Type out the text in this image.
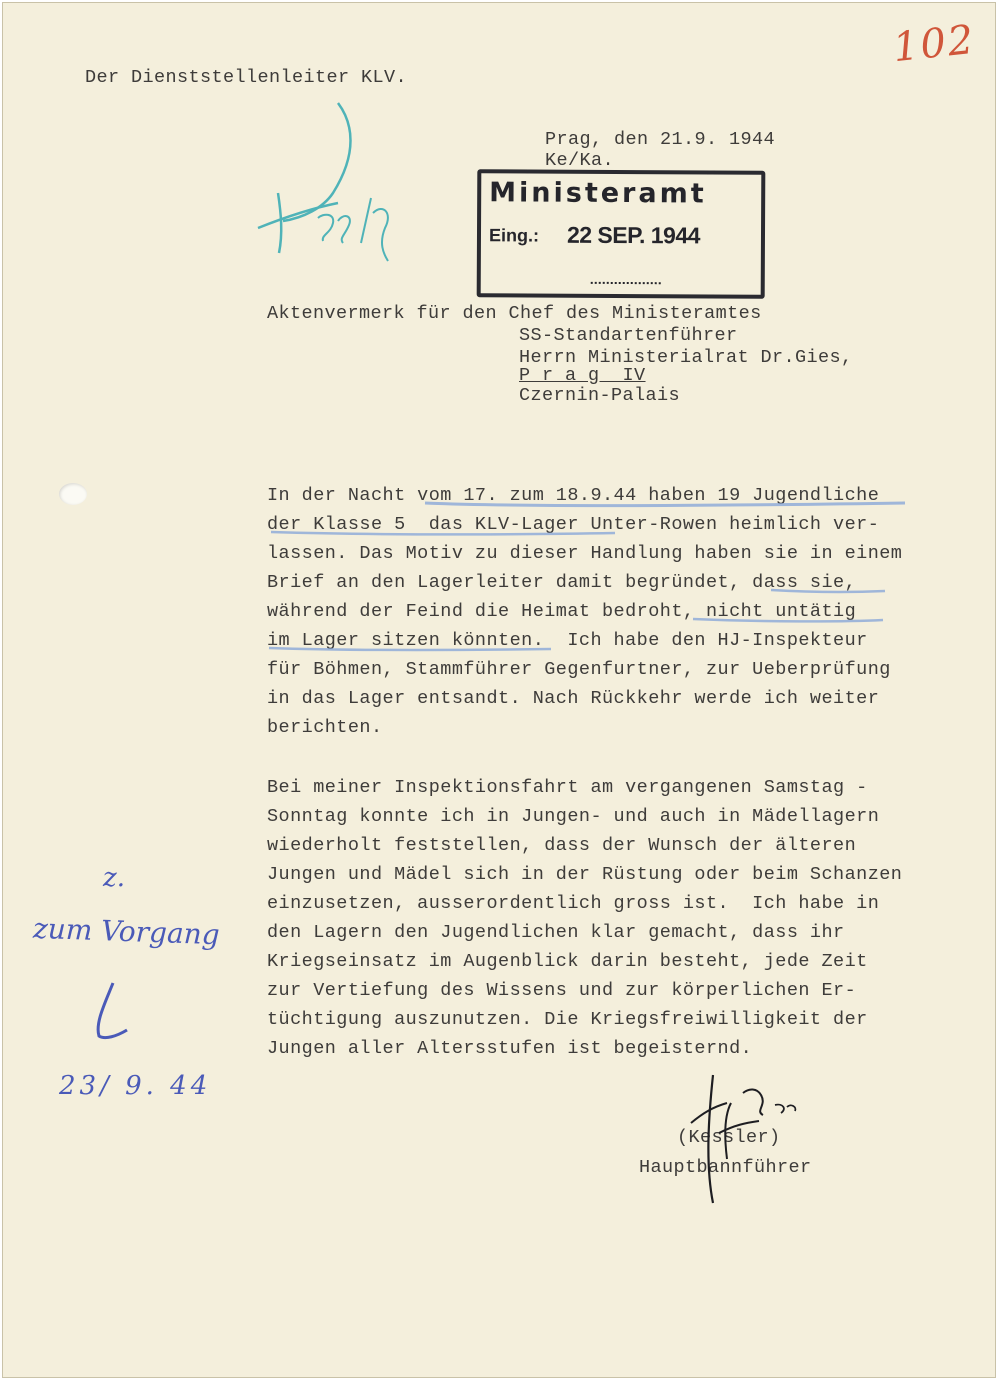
102
Der Dienststellenleiter KLV.
Prag, den 21.9. 1944
Ke/Ka.
Ministeramt
Eing.: 22 SEP. 1944
Aktenvermerk für den Chef des Ministeramtes
SS-Standartenführer
Herrn Ministerialrat Dr.Gies,
P r a g  IV
Czernin-Palais
In der Nacht vom 17. zum 18.9.44 haben 19 Jugendliche
der Klasse 5  das KLV-Lager Unter-Rowen heimlich ver-
lassen. Das Motiv zu dieser Handlung haben sie in einem
Brief an den Lagerleiter damit begründet, dass sie,
während der Feind die Heimat bedroht, nicht untätig
im Lager sitzen könnten.  Ich habe den HJ-Inspekteur
für Böhmen, Stammführer Gegenfurtner, zur Ueberprüfung
in das Lager entsandt. Nach Rückkehr werde ich weiter
berichten.
Bei meiner Inspektionsfahrt am vergangenen Samstag -
Sonntag konnte ich in Jungen- und auch in Mädellagern
wiederholt feststellen, dass der Wunsch der älteren
Jungen und Mädel sich in der Rüstung oder beim Schanzen
einzusetzen, ausserordentlich gross ist.  Ich habe in
den Lagern den Jugendlichen klar gemacht, dass ihr
Kriegseinsatz im Augenblick darin besteht, jede Zeit
zur Vertiefung des Wissens und zur körperlichen Er-
tüchtigung auszunutzen. Die Kriegsfreiwilligkeit der
Jungen aller Altersstufen ist begeisternd.
z.
zum Vorgang
23/ 9. 44
(Kessler)
Hauptbannführer
